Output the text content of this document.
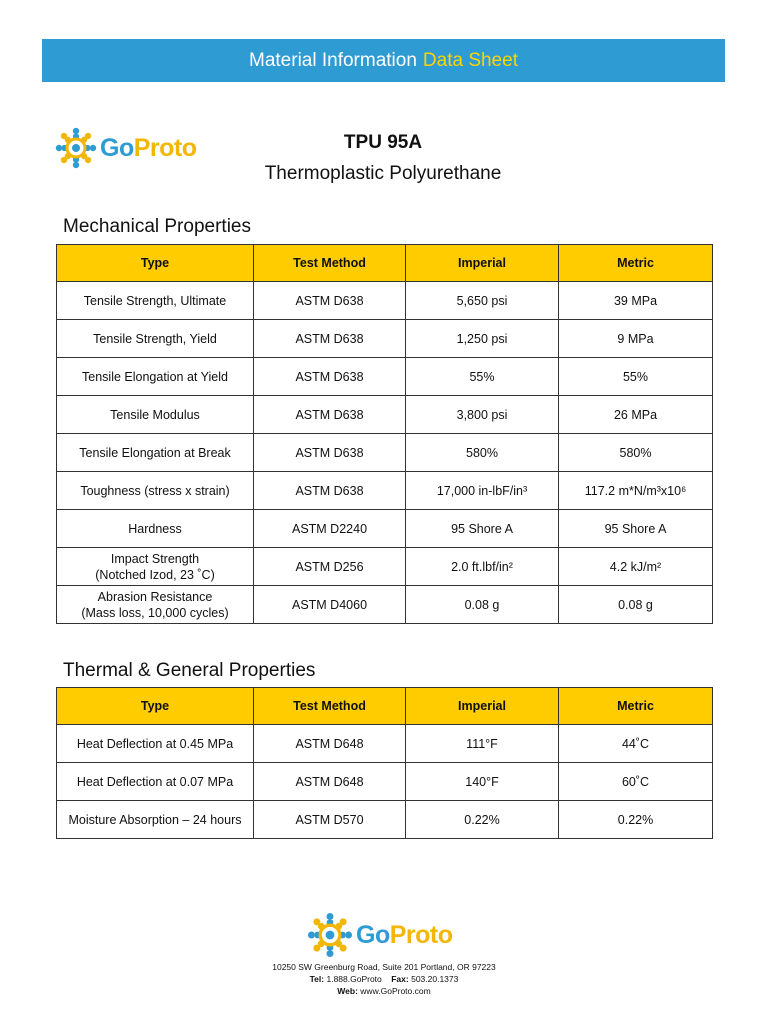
Material Information Data Sheet
GoProto	TPU 95A
Thermoplastic Polyurethane
Mechanical Properties
Type	Test Method	Imperial	Metric
Tensile Strength, Ultimate	ASTM D638	5,650 psi	39 MPa
Tensile Strength, Yield	ASTM D638	1,250 psi	9 MPa
Tensile Elongation at Yield	ASTM D638	55%	55%
Tensile Modulus	ASTM D638	3,800 psi	26 MPa
Tensile Elongation at Break	ASTM D638	580%	580%
Toughness (stress x strain)	ASTM D638	17,000 in-lbF/in³	117.2 m*N/m³x10⁶
Hardness	ASTM D2240	95 Shore A	95 Shore A
Impact Strength
(Notched Izod, 23 ˚C)	ASTM D256	2.0 ft.lbf/in²	4.2 kJ/m²
Abrasion Resistance
(Mass loss, 10,000 cycles)	ASTM D4060	0.08 g	0.08 g
Thermal & General Properties
Type	Test Method	Imperial	Metric
Heat Deflection at 0.45 MPa	ASTM D648	111°F	44˚C
Heat Deflection at 0.07 MPa	ASTM D648	140°F	60˚C
Moisture Absorption – 24 hours	ASTM D570	0.22%	0.22%
GoProto
10250 SW Greenburg Road, Suite 201 Portland, OR 97223
Tel: 1.888.GoProto Fax: 503.20.1373
Web: www.GoProto.com
